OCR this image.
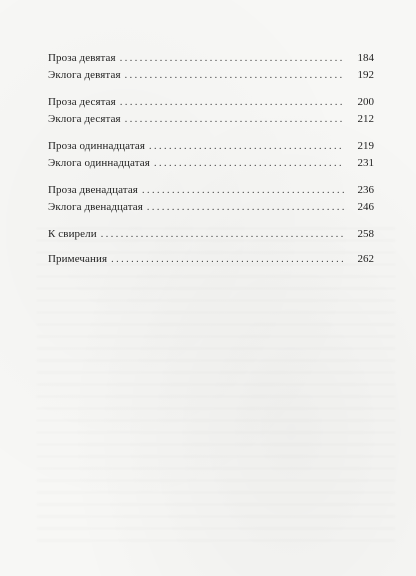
Проза девятая . . .	184
Эклога девятая . . .	192
Проза десятая . . .	200
Эклога десятая . . .	212
Проза одиннадцатая . . .	219
Эклога одиннадцатая . . .	231
Проза двенадцатая . . .	236
Эклога двенадцатая . . .	246
К свирели . . .	258
Примечания . . .	262
